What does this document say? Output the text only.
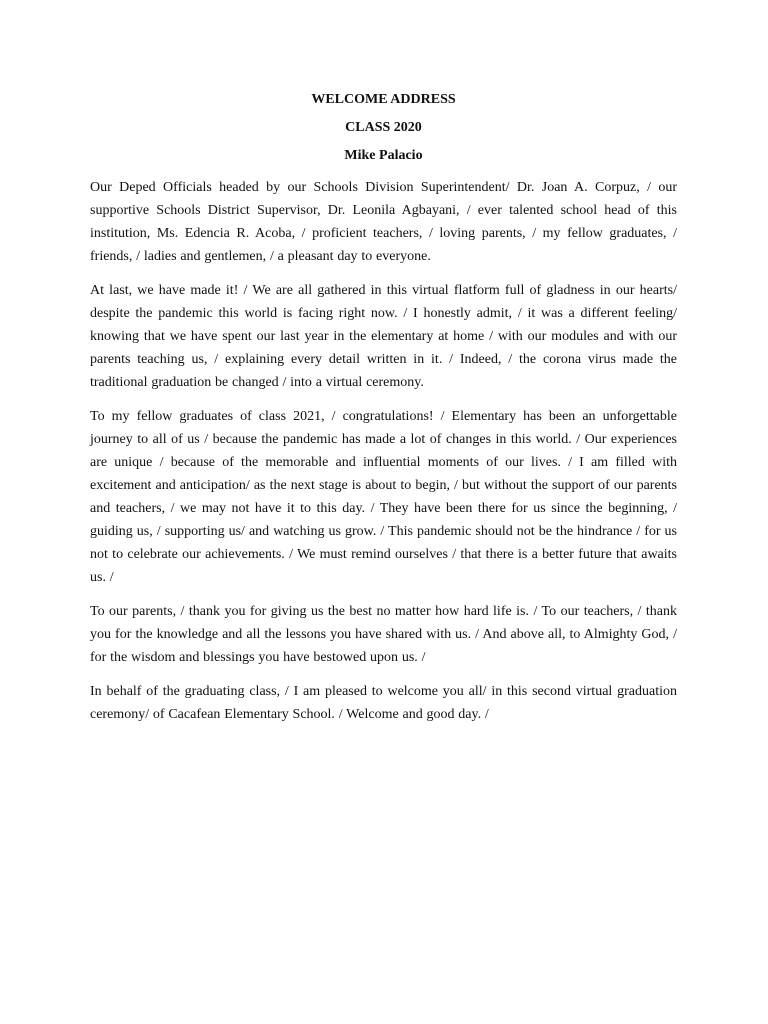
WELCOME ADDRESS
CLASS 2020
Mike Palacio

Our Deped Officials headed by our Schools Division Superintendent/ Dr. Joan A. Corpuz, / our supportive Schools District Supervisor, Dr. Leonila Agbayani, / ever talented school head of this institution, Ms. Edencia R. Acoba, / proficient teachers, / loving parents, / my fellow graduates, / friends, / ladies and gentlemen, / a pleasant day to everyone.

At last, we have made it! / We are all gathered in this virtual flatform full of gladness in our hearts/ despite the pandemic this world is facing right now. / I honestly admit, / it was a different feeling/ knowing that we have spent our last year in the elementary at home / with our modules and with our parents teaching us, / explaining every detail written in it. / Indeed, / the corona virus made the traditional graduation be changed / into a virtual ceremony.

To my fellow graduates of class 2021, / congratulations! / Elementary has been an unforgettable journey to all of us / because the pandemic has made a lot of changes in this world. / Our experiences are unique / because of the memorable and influential moments of our lives. / I am filled with excitement and anticipation/ as the next stage is about to begin, / but without the support of our parents and teachers, / we may not have it to this day. / They have been there for us since the beginning, / guiding us, / supporting us/ and watching us grow. / This pandemic should not be the hindrance / for us not to celebrate our achievements. / We must remind ourselves / that there is a better future that awaits us. /

To our parents, / thank you for giving us the best no matter how hard life is. / To our teachers, / thank you for the knowledge and all the lessons you have shared with us. / And above all, to Almighty God, / for the wisdom and blessings you have bestowed upon us. /

In behalf of the graduating class, / I am pleased to welcome you all/ in this second virtual graduation ceremony/ of Cacafean Elementary School. / Welcome and good day. /
